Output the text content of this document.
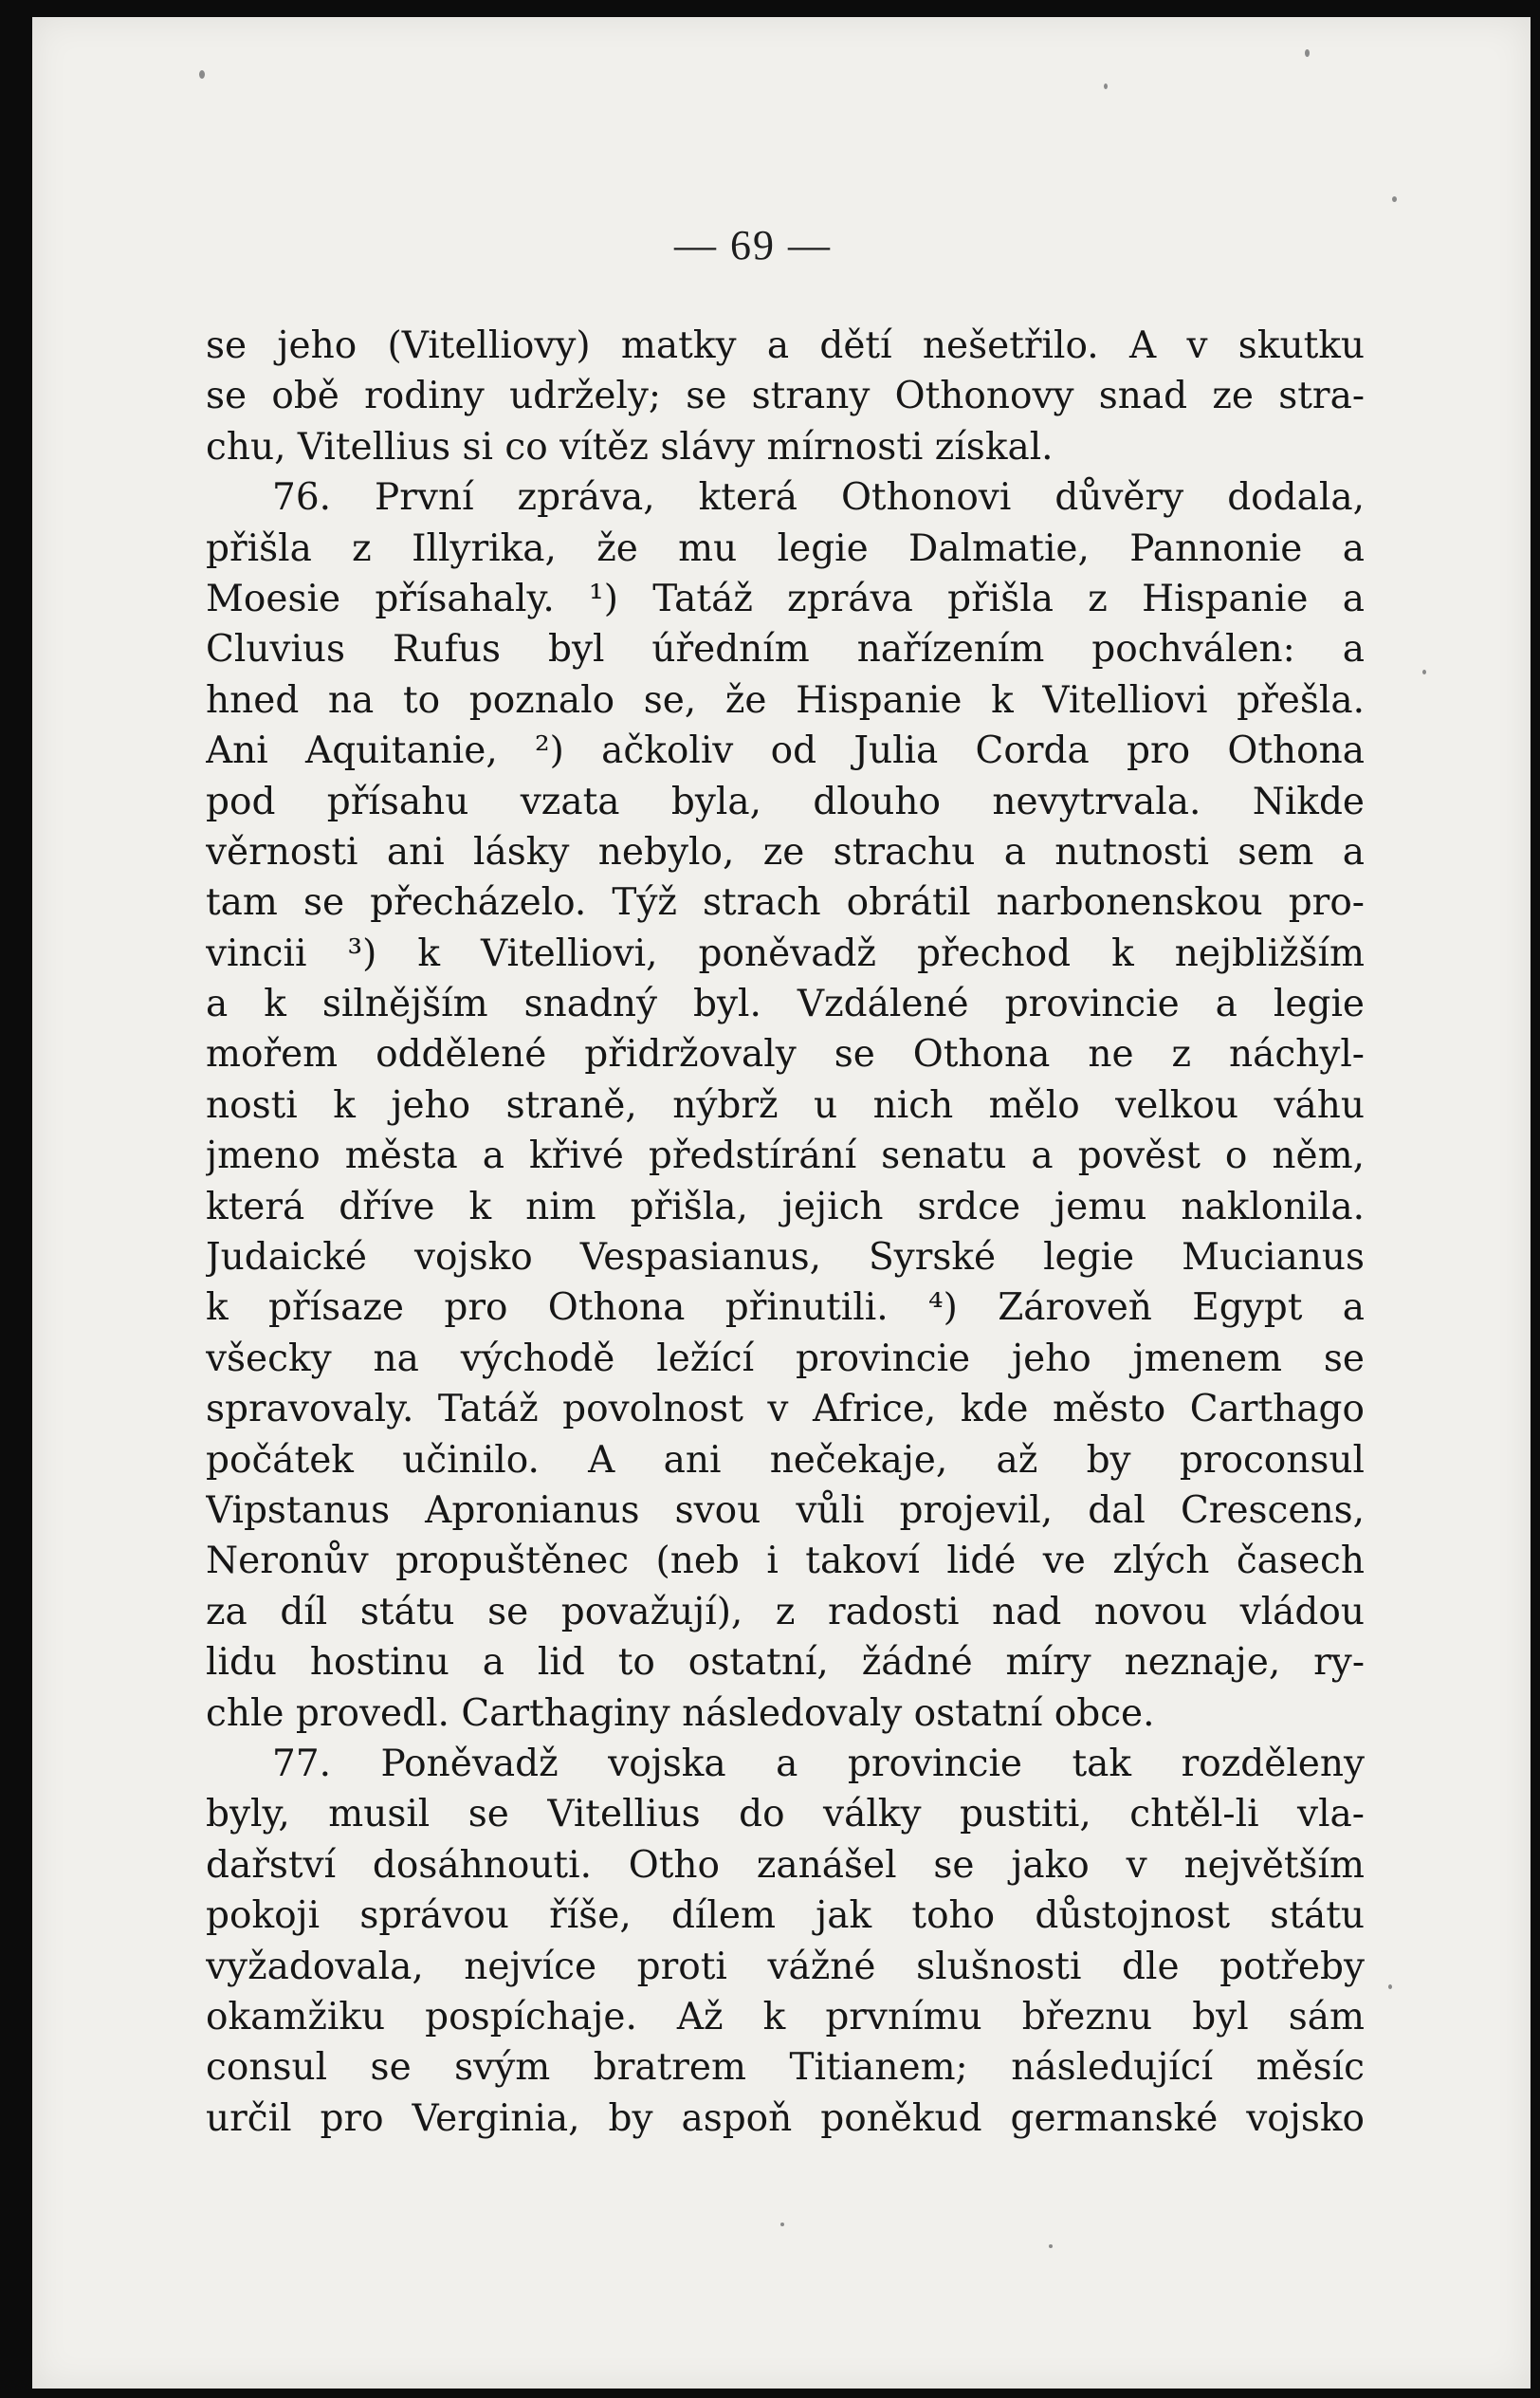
— 69 —
se jeho (Vitelliovy) matky a dětí nešetřilo. A v skutku
se obě rodiny udržely; se strany Othonovy snad ze stra-
chu, Vitellius si co vítěz slávy mírnosti získal.
76. První zpráva, která Othonovi důvěry dodala,
přišla z Illyrika, že mu legie Dalmatie, Pannonie a
Moesie přísahaly. ¹) Tatáž zpráva přišla z Hispanie a
Cluvius Rufus byl úředním nařízením pochválen: a
hned na to poznalo se, že Hispanie k Vitelliovi přešla.
Ani Aquitanie, ²) ačkoliv od Julia Corda pro Othona
pod přísahu vzata byla, dlouho nevytrvala. Nikde
věrnosti ani lásky nebylo, ze strachu a nutnosti sem a
tam se přecházelo. Týž strach obrátil narbonenskou pro-
vincii ³) k Vitelliovi, poněvadž přechod k nejbližším
a k silnějším snadný byl. Vzdálené provincie a legie
mořem oddělené přidržovaly se Othona ne z náchyl-
nosti k jeho straně, nýbrž u nich mělo velkou váhu
jmeno města a křivé předstírání senatu a pověst o něm,
která dříve k nim přišla, jejich srdce jemu naklonila.
Judaické vojsko Vespasianus, Syrské legie Mucianus
k přísaze pro Othona přinutili. ⁴) Zároveň Egypt a
všecky na východě ležící provincie jeho jmenem se
spravovaly. Tatáž povolnost v Africe, kde město Carthago
počátek učinilo. A ani nečekaje, až by proconsul
Vipstanus Apronianus svou vůli projevil, dal Crescens,
Neronův propuštěnec (neb i takoví lidé ve zlých časech
za díl státu se považují), z radosti nad novou vládou
lidu hostinu a lid to ostatní, žádné míry neznaje, ry-
chle provedl. Carthaginy následovaly ostatní obce.
77. Poněvadž vojska a provincie tak rozděleny
byly, musil se Vitellius do války pustiti, chtěl-li vla-
dařství dosáhnouti. Otho zanášel se jako v největším
pokoji správou říše, dílem jak toho důstojnost státu
vyžadovala, nejvíce proti vážné slušnosti dle potřeby
okamžiku pospíchaje. Až k prvnímu březnu byl sám
consul se svým bratrem Titianem; následující měsíc
určil pro Verginia, by aspoň poněkud germanské vojsko
